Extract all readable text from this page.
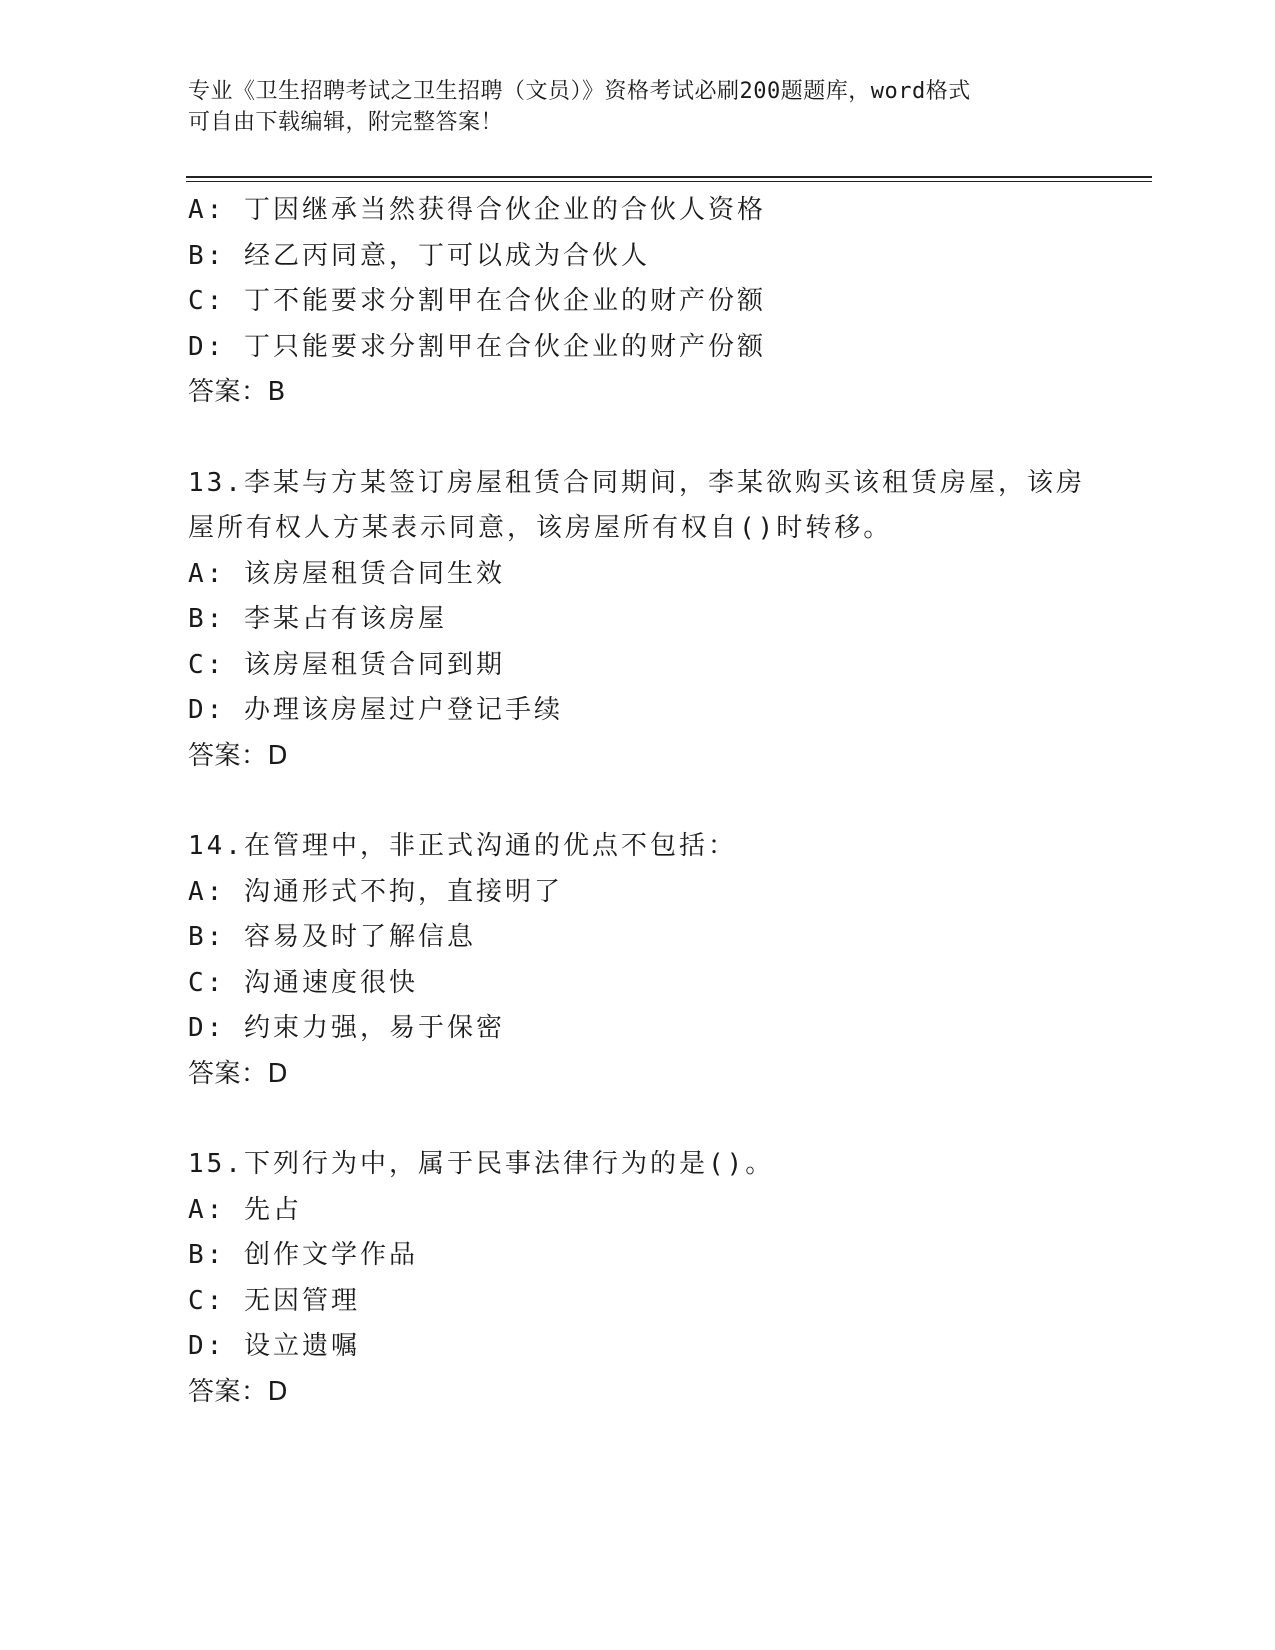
专业《卫生招聘考试之卫生招聘（文员）》资格考试必刷200题题库，word格式
可自由下载编辑，附完整答案！
A: 丁因继承当然获得合伙企业的合伙人资格
B: 经乙丙同意，丁可以成为合伙人
C: 丁不能要求分割甲在合伙企业的财产份额
D: 丁只能要求分割甲在合伙企业的财产份额
答案：B
13.李某与方某签订房屋租赁合同期间，李某欲购买该租赁房屋，该房
屋所有权人方某表示同意，该房屋所有权自()时转移。
A: 该房屋租赁合同生效
B: 李某占有该房屋
C: 该房屋租赁合同到期
D: 办理该房屋过户登记手续
答案：D
14.在管理中，非正式沟通的优点不包括：
A: 沟通形式不拘，直接明了
B: 容易及时了解信息
C: 沟通速度很快
D: 约束力强，易于保密
答案：D
15.下列行为中，属于民事法律行为的是()。
A: 先占
B: 创作文学作品
C: 无因管理
D: 设立遗嘱
答案：D
